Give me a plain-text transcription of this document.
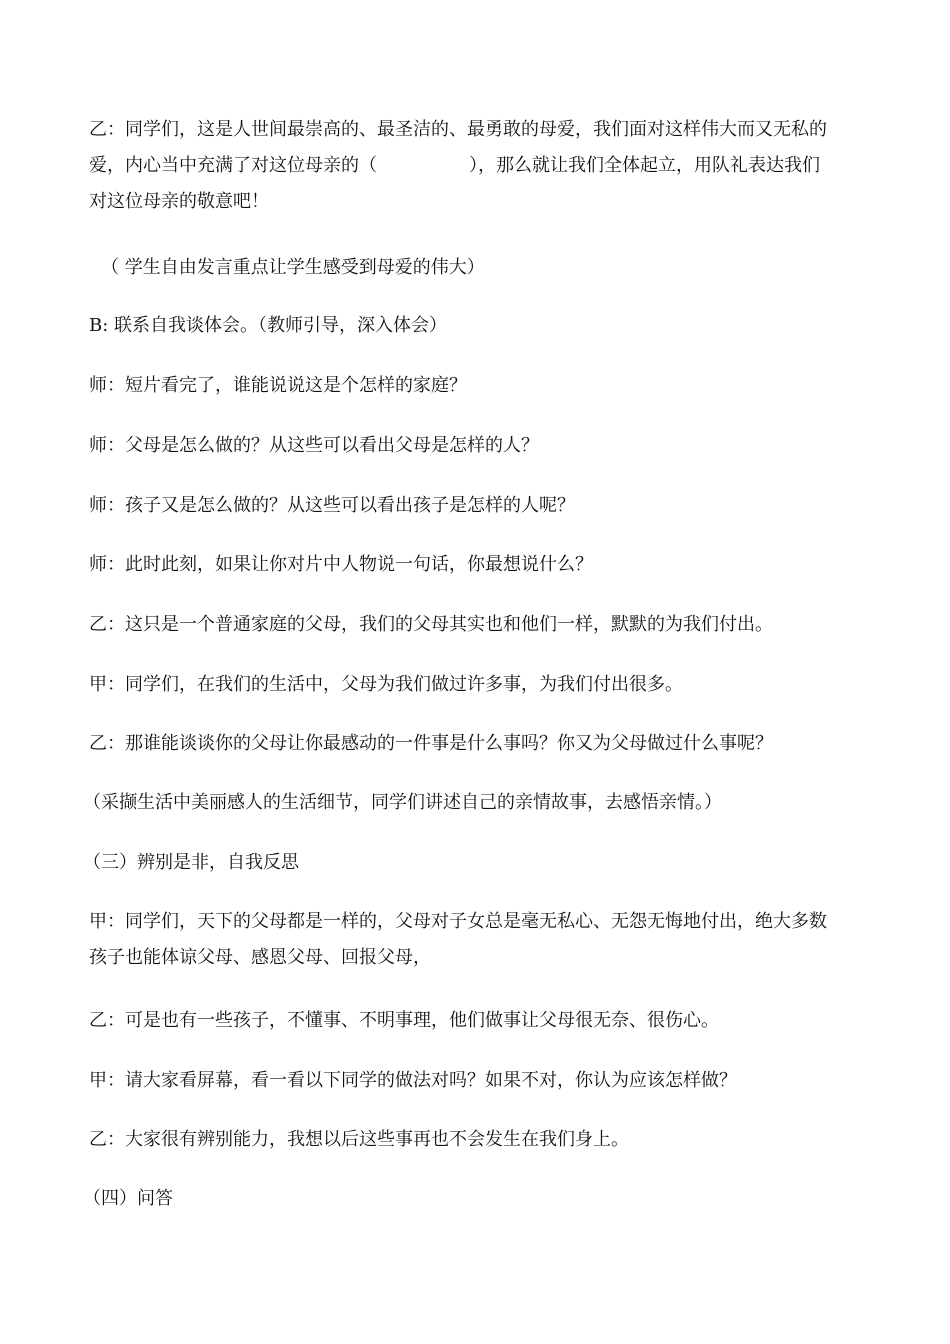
乙：同学们，这是人世间最崇高的、最圣洁的、最勇敢的母爱，我们面对这样伟大而又无私的
爱，内心当中充满了对这位母亲的（	），那么就让我们全体起立，用队礼表达我们
对这位母亲的敬意吧！

（ 学生自由发言重点让学生感受到母爱的伟大）

B: 联系自我谈体会。（教师引导，深入体会）

师：短片看完了，谁能说说这是个怎样的家庭？

师：父母是怎么做的？从这些可以看出父母是怎样的人？

师：孩子又是怎么做的？从这些可以看出孩子是怎样的人呢？

师：此时此刻，如果让你对片中人物说一句话，你最想说什么？

乙：这只是一个普通家庭的父母，我们的父母其实也和他们一样，默默的为我们付出。

甲：同学们，在我们的生活中，父母为我们做过许多事，为我们付出很多。

乙：那谁能谈谈你的父母让你最感动的一件事是什么事吗？你又为父母做过什么事呢？

（采撷生活中美丽感人的生活细节，同学们讲述自己的亲情故事，去感悟亲情。）

（三）辨别是非，自我反思

甲：同学们，天下的父母都是一样的，父母对子女总是毫无私心、无怨无悔地付出，绝大多数
孩子也能体谅父母、感恩父母、回报父母，

乙：可是也有一些孩子，不懂事、不明事理，他们做事让父母很无奈、很伤心。

甲：请大家看屏幕，看一看以下同学的做法对吗？如果不对，你认为应该怎样做？

乙：大家很有辨别能力，我想以后这些事再也不会发生在我们身上。

（四）问答
